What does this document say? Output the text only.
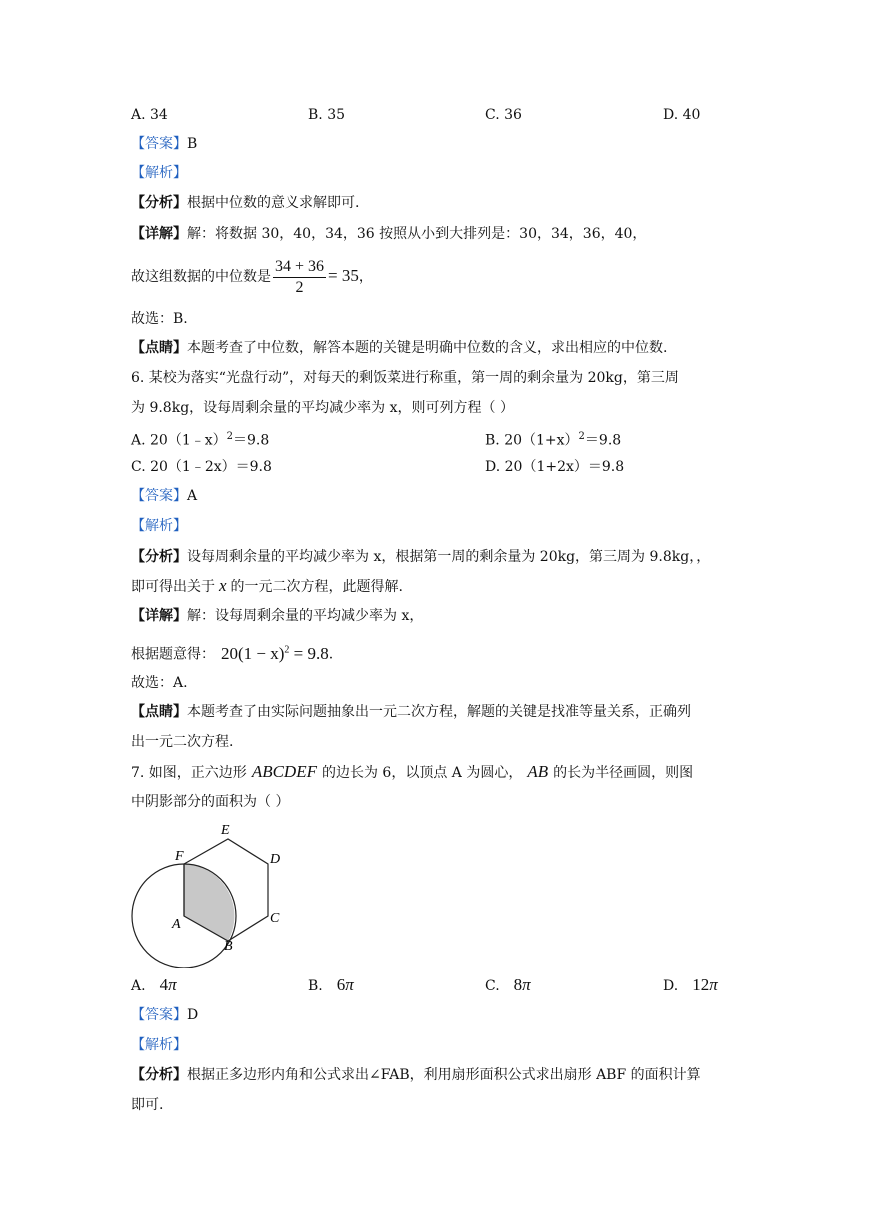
A. 34	B. 35	C. 36	D. 40
【答案】B
【解析】
【分析】根据中位数的意义求解即可.
【详解】解：将数据 30，40，34，36 按照从小到大排列是：30，34，36，40，
故这组数据的中位数是 $\frac{34 + 36}{2} = 35$，
故选：B.
【点睛】本题考查了中位数，解答本题的关键是明确中位数的含义，求出相应的中位数.
6. 某校为落实“光盘行动”，对每天的剩饭菜进行称重，第一周的剩余量为 20kg，第三周
为 9.8kg，设每周剩余量的平均减少率为 x，则可列方程（ ）
A. 20（1﹣x）$^2$＝9.8	B. $20(1+x)^2=9.8$
C. 20（1﹣2x）＝9.8	D. 20（1+2x）＝9.8
【答案】A
【解析】
【分析】设每周剩余量的平均减少率为 x，根据第一周的剩余量为 20kg，第三周为 9.8kg，，
即可得出关于 x 的一元二次方程，此题得解.
【详解】解：设每周剩余量的平均减少率为 x，
根据题意得： $20(1 - x)^2 = 9.8$.
故选：A.
【点睛】本题考查了由实际问题抽象出一元二次方程，解题的关键是找准等量关系，正确列
出一元二次方程.
7. 如图，正六边形 ABCDEF 的边长为 6，以顶点 A 为圆心， AB 的长为半径画圆，则图
中阴影部分的面积为（ ）
E
F	D
A	C
B
A. 4π	B. 6π	C. 8π	D. 12π
【答案】D
【解析】
【分析】根据正多边形内角和公式求出∠FAB，利用扇形面积公式求出扇形 ABF 的面积计算
即可.
